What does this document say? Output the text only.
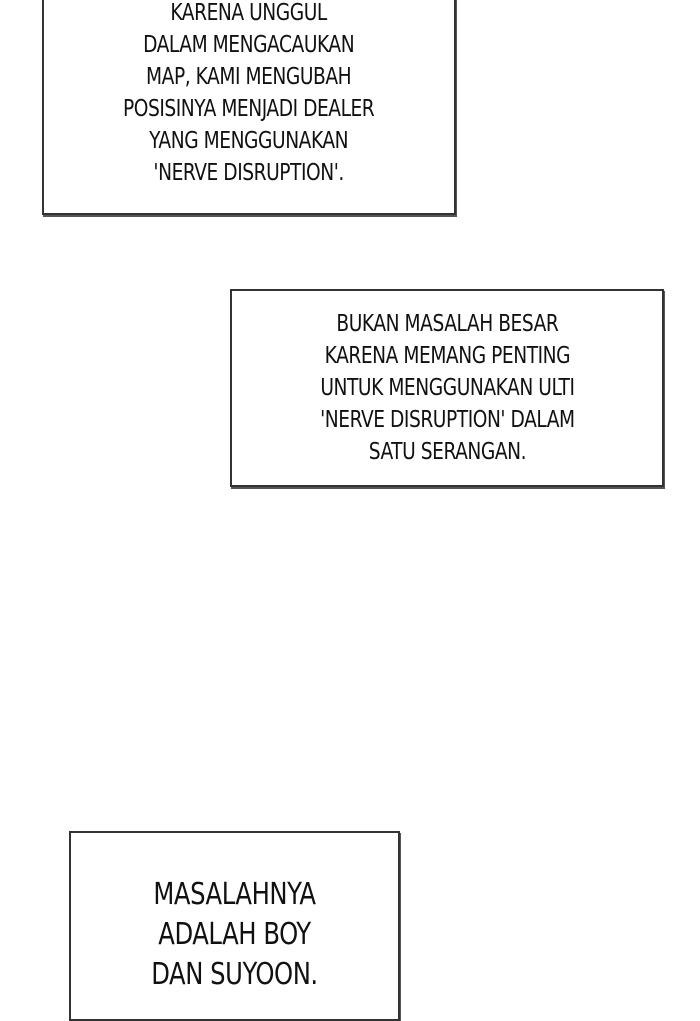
KARENA UNGGUL
DALAM MENGACAUKAN
MAP, KAMI MENGUBAH
POSISINYA MENJADI DEALER
YANG MENGGUNAKAN
'NERVE DISRUPTION'.

BUKAN MASALAH BESAR
KARENA MEMANG PENTING
UNTUK MENGGUNAKAN ULTI
'NERVE DISRUPTION' DALAM
SATU SERANGAN.

MASALAHNYA
ADALAH BOY
DAN SUYOON.
